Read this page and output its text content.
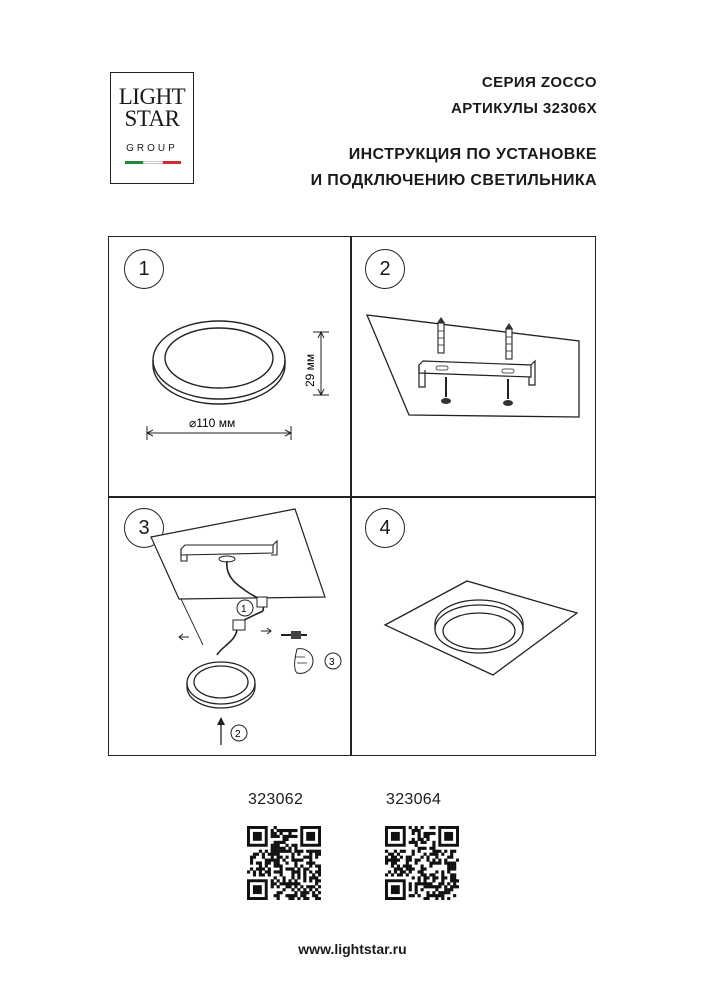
LIGHT
STAR
GROUP
СЕРИЯ ZOCCO
АРТИКУЛЫ 32306X
ИНСТРУКЦИЯ ПО УСТАНОВКЕ
И ПОДКЛЮЧЕНИЮ СВЕТИЛЬНИКА
1
29 мм
⌀110 мм
2
3
1
3
2
4
323062	323064
www.lightstar.ru
